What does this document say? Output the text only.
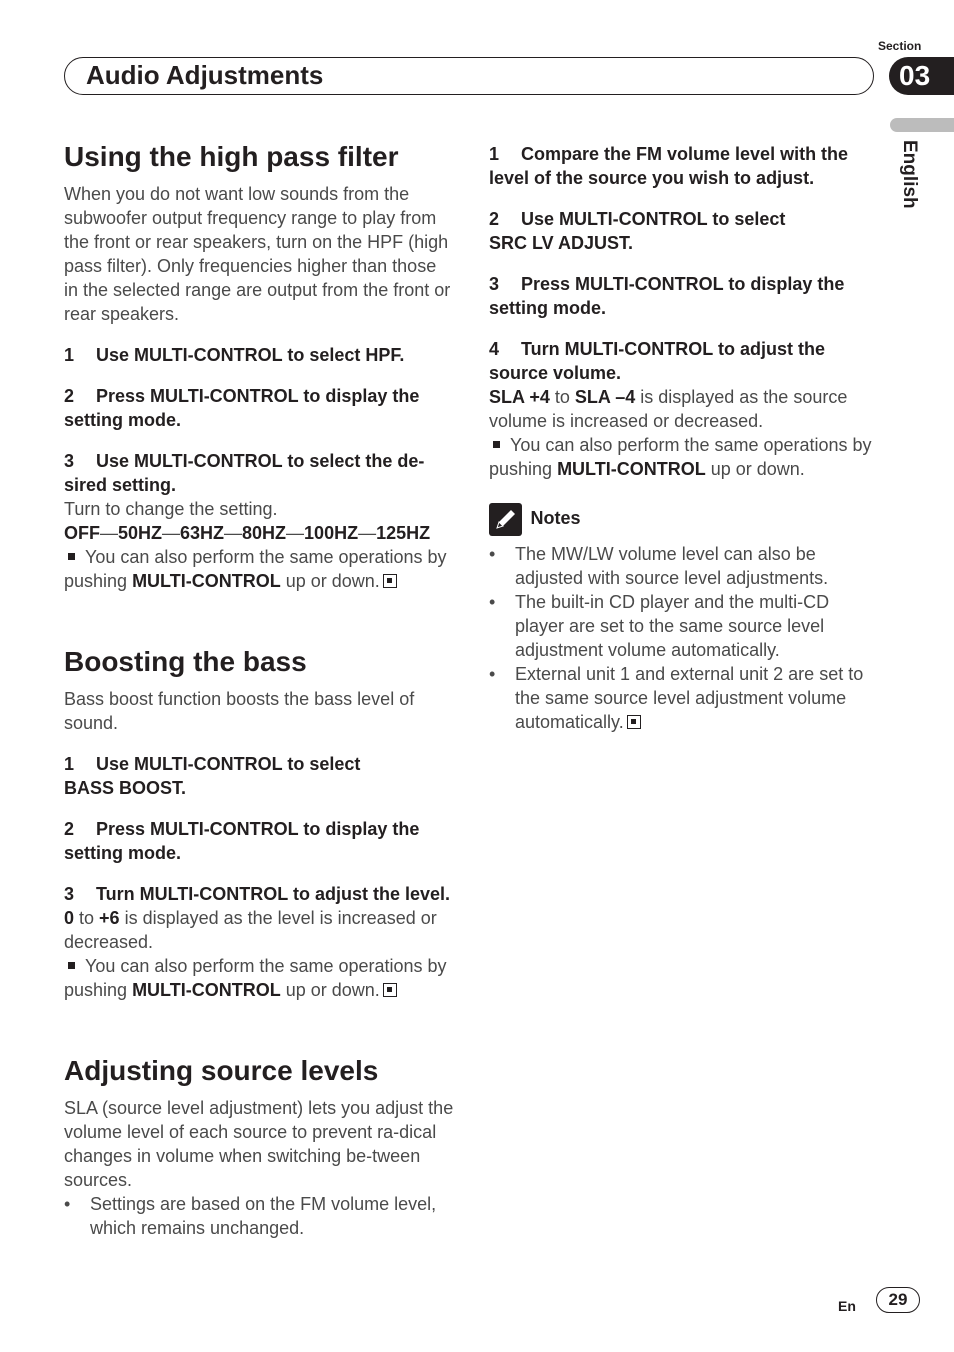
Audio Adjustments
Section
03
English
Using the high pass filter
When you do not want low sounds from the subwoofer output frequency range to play from the front or rear speakers, turn on the HPF (high pass filter). Only frequencies higher than those in the selected range are output from the front or rear speakers.
1 Use MULTI-CONTROL to select HPF.
2 Press MULTI-CONTROL to display the setting mode.
3 Use MULTI-CONTROL to select the de-
sired setting.
Turn to change the setting.
OFF—50HZ—63HZ—80HZ—100HZ—125HZ
You can also perform the same operations by pushing MULTI-CONTROL up or down.
Boosting the bass
Bass boost function boosts the bass level of sound.
1 Use MULTI-CONTROL to select
BASS BOOST.
2 Press MULTI-CONTROL to display the setting mode.
3 Turn MULTI-CONTROL to adjust the level.
0 to +6 is displayed as the level is increased or decreased.
You can also perform the same operations by pushing MULTI-CONTROL up or down.
Adjusting source levels
SLA (source level adjustment) lets you adjust the volume level of each source to prevent ra-dical changes in volume when switching be-tween sources.
• Settings are based on the FM volume level, which remains unchanged.
1 Compare the FM volume level with the level of the source you wish to adjust.
2 Use MULTI-CONTROL to select
SRC LV ADJUST.
3 Press MULTI-CONTROL to display the setting mode.
4 Turn MULTI-CONTROL to adjust the source volume.
SLA +4 to SLA –4 is displayed as the source volume is increased or decreased.
You can also perform the same operations by pushing MULTI-CONTROL up or down.
Notes
• The MW/LW volume level can also be adjusted with source level adjustments.
• The built-in CD player and the multi-CD player are set to the same source level adjustment volume automatically.
• External unit 1 and external unit 2 are set to the same source level adjustment volume automatically.
En	29
